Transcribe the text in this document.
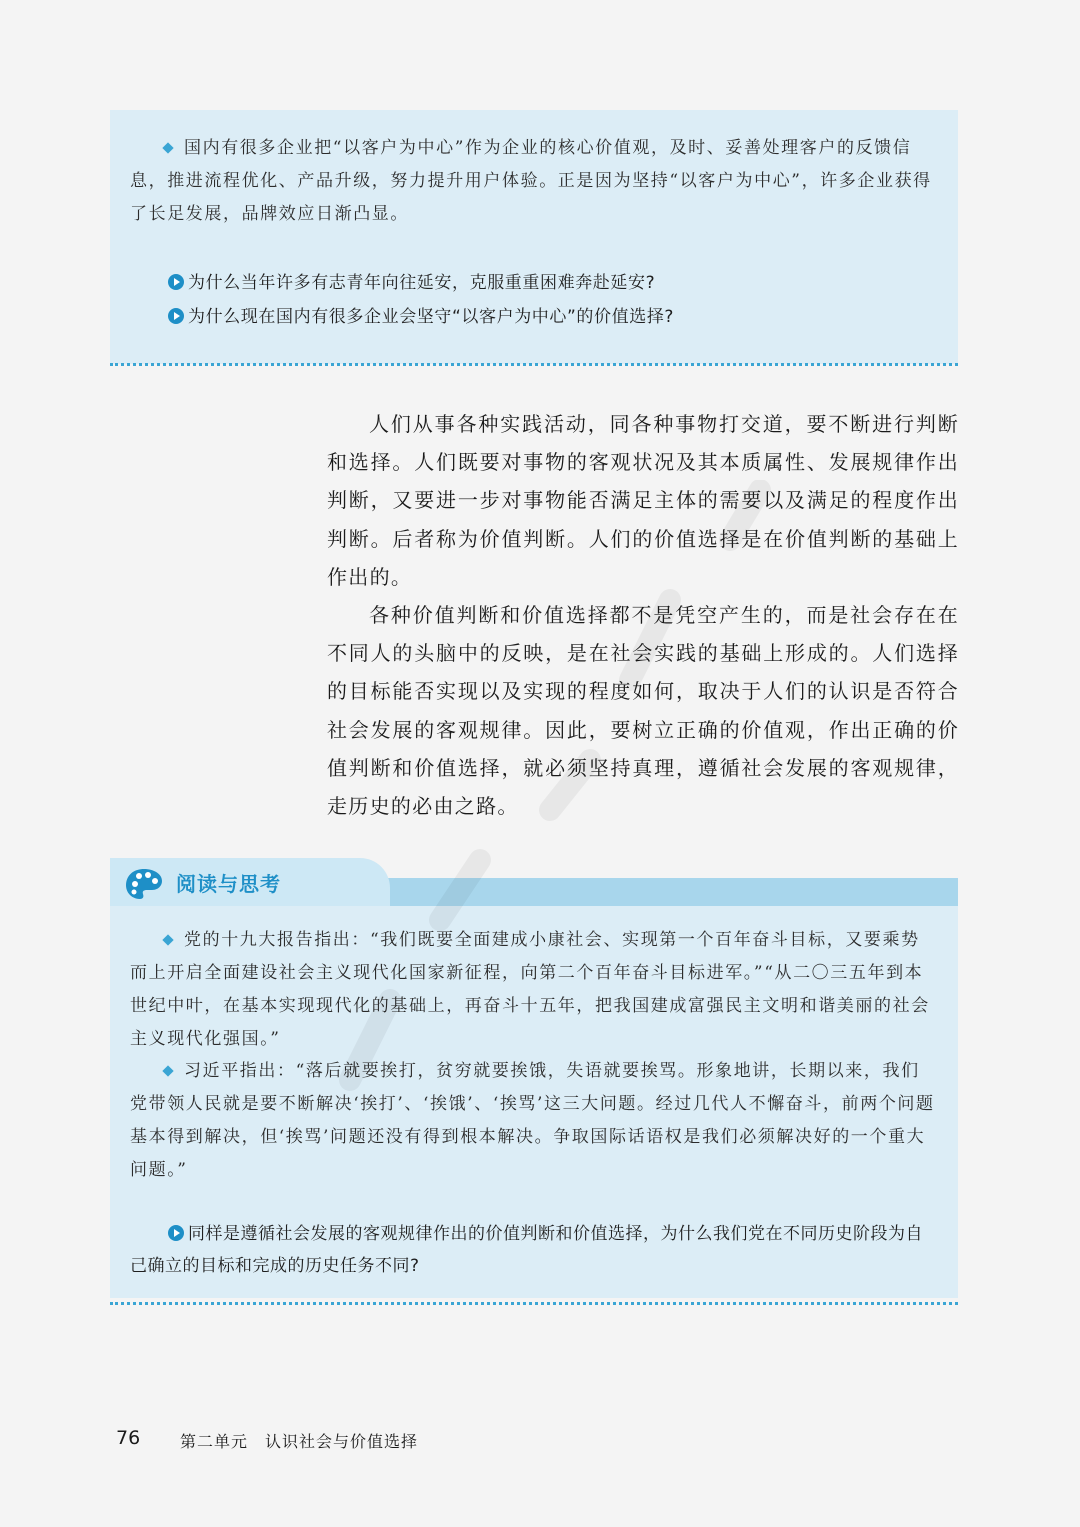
国内有很多企业把“以客户为中心”作为企业的核心价值观，及时、妥善处理客户的反馈信息，推进流程优化、产品升级，努力提升用户体验。正是因为坚持“以客户为中心”，许多企业获得了长足发展，品牌效应日渐凸显。
为什么当年许多有志青年向往延安，克服重重困难奔赴延安?
为什么现在国内有很多企业会坚守“以客户为中心”的价值选择?

人们从事各种实践活动，同各种事物打交道，要不断进行判断和选择。人们既要对事物的客观状况及其本质属性、发展规律作出判断，又要进一步对事物能否满足主体的需要以及满足的程度作出判断。后者称为价值判断。人们的价值选择是在价值判断的基础上作出的。

各种价值判断和价值选择都不是凭空产生的，而是社会存在在不同人的头脑中的反映，是在社会实践的基础上形成的。人们选择的目标能否实现以及实现的程度如何，取决于人们的认识是否符合社会发展的客观规律。因此，要树立正确的价值观，作出正确的价值判断和价值选择，就必须坚持真理，遵循社会发展的客观规律，走历史的必由之路。

阅读与思考
党的十九大报告指出：“我们既要全面建成小康社会、实现第一个百年奋斗目标，又要乘势而上开启全面建设社会主义现代化国家新征程，向第二个百年奋斗目标进军。”“从二〇三五年到本世纪中叶，在基本实现现代化的基础上，再奋斗十五年，把我国建成富强民主文明和谐美丽的社会主义现代化强国。”
习近平指出：“落后就要挨打，贫穷就要挨饿，失语就要挨骂。形象地讲，长期以来，我们党带领人民就是要不断解决‘挨打’、‘挨饿’、‘挨骂’这三大问题。经过几代人不懈奋斗，前两个问题基本得到解决，但‘挨骂’问题还没有得到根本解决。争取国际话语权是我们必须解决好的一个重大问题。”
同样是遵循社会发展的客观规律作出的价值判断和价值选择，为什么我们党在不同历史阶段为自己确立的目标和完成的历史任务不同?
76 第二单元　认识社会与价值选择
